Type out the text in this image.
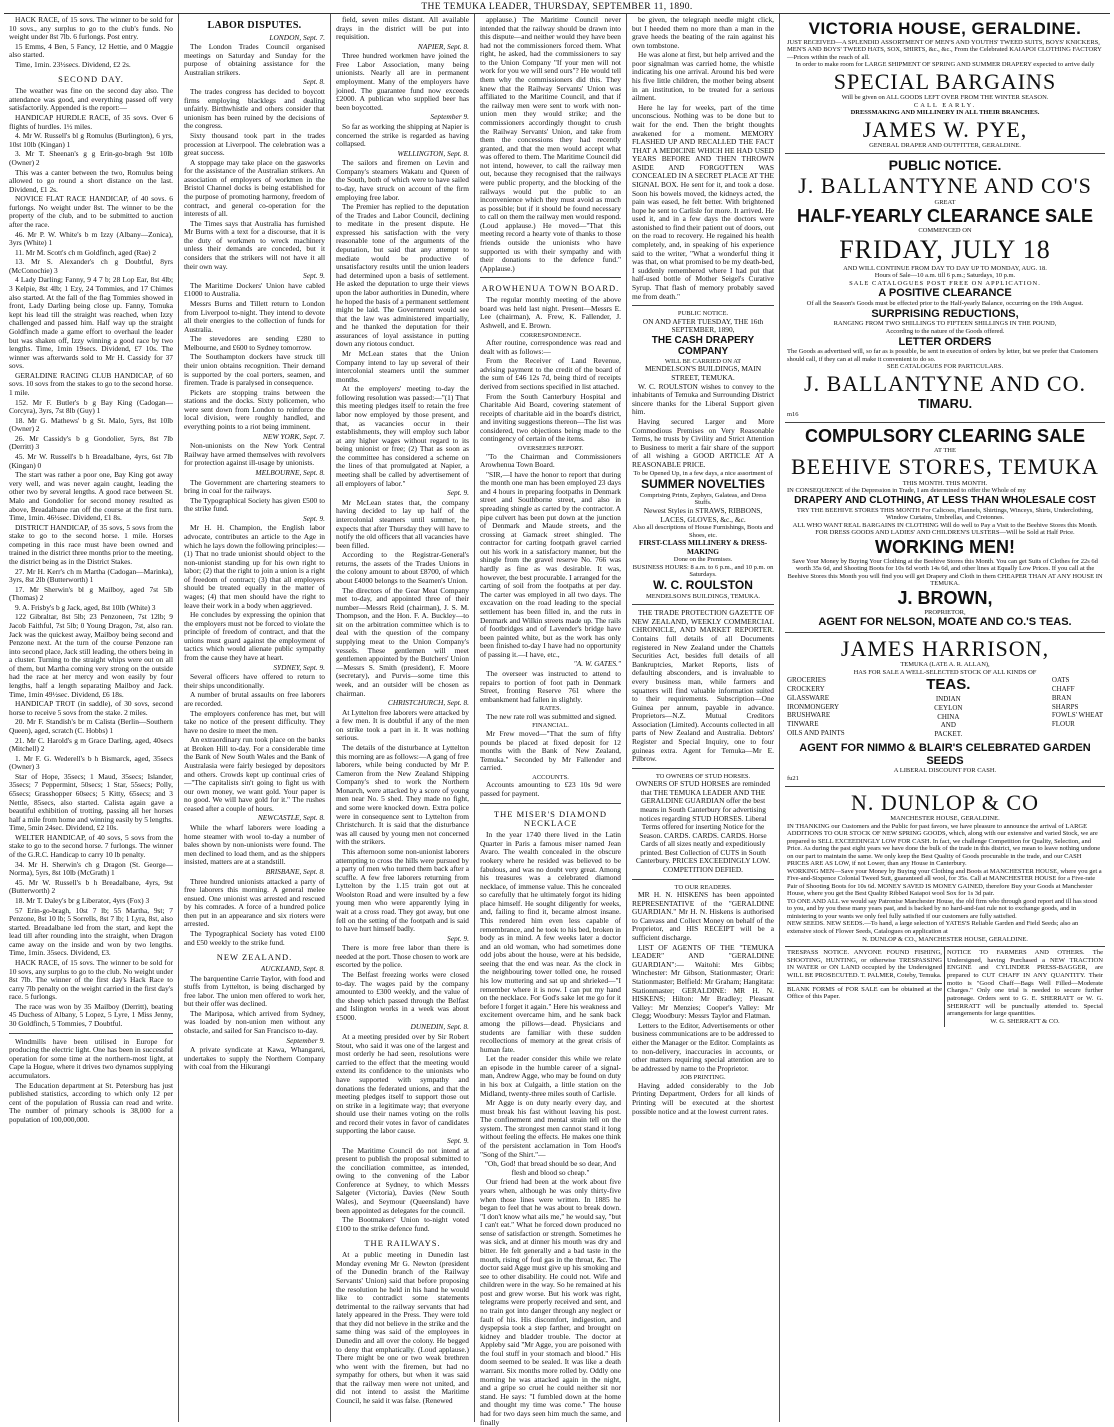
THE TEMUKA LEADER, THURSDAY, SEPTEMBER 11, 1890.

HACK RACE, of 15 sovs. The winner to be sold for 10 sovs., any surplus to go to the club's funds. No weight under 8st 7lb. 6 furlongs. Post entry.

15 Emms, 4 Ben, 5 Fancy, 12 Hettie, and 0 Maggie also started.

Time, 1min. 23½secs. Dividend, £2 2s.

SECOND DAY.

The weather was fine on the second day also. The attendance was good, and everything passed off very satisfactorily. Appended is the report:—

HANDICAP HURDLE RACE, of 35 sovs. Over 6 flights of hurdles. 1½ miles.

4. Mr W. Russell's bl g Romulus (Burlington), 6 yrs, 10st 10lb (Kingan) 1

3. Mr T. Sheenan's g g Erin-go-bragh 9st 10lb (Owner) 2

This was a canter between the two, Romulus being allowed to go round a short distance on the last. Dividend, £1 2s.

NOVICE FLAT RACE HANDICAP, of 40 sovs. 6 furlongs. No weight under 8st. The winner to be the property of the club, and to be submitted to auction after the race.

46. Mr P. W. White's b m Izzy (Albany—Zonica), 3yrs (White) 1

11. Mr M. Scott's ch m Goldfinch, aged (Rae) 2

13. Mr S. Alexander's ch g Doubtful, 8yrs (McConochie) 3

4 Lady Darling; Fanny, 9 4 7 b; 28 Lop Ear, 8st 4lb; 3 Kelpie, 8st 4lb; 1 Ezy, 24 Tommies, and 17 Chimes also started. At the fall of the flag Tommies showed in front, Lady Darling being close up. Fanny, Tomuka kept his lead till the straight was reached, when Izzy challenged and passed him. Half way up the straight Goldfinch made a game effort to overhaul the leader but was shaken off, Izzy winning a good race by two lengths. Time, 1min 19secs. Dividend, £7 10s. The winner was afterwards sold to Mr H. Cassidy for 37 sovs.

GERALDINE RACING CLUB HANDICAP, of 60 sovs. 10 sovs from the stakes to go to the second horse. 1 mile.

152. Mr F. Butler's b g Bay King (Cadogan—Corcyra), 3yrs, 7st 8lb (Guy) 1

18. Mr G. Mathews' b g St. Malo, 5yrs, 8st 10lb (Owner) 2

26. Mr Cassidy's b g Gondolier, 5yrs, 8st 7lb (Derritt) 3

45. Mr W. Russell's b h Breadalbane, 4yrs, 6st 7lb (Kingan) 0

The start was rather a poor one, Bay King got away very well, and was never again caught, leading the other two by several lengths. A good race between St. Malo and Gondolier for second money resulted as above, Breadalbane ran off the course at the first turn. Time, 1min. 46½sec. Dividend, £1 8s.

DISTRICT HANDICAP, of 35 sovs, 5 sovs from the stake to go to the second horse. 1 mile. Horses competing in this race must have been owned and trained in the district three months prior to the meeting, the district being as in the District Stakes.

27. Mr H. Kerr's ch m Martha (Cadogan—Marinka), 3yrs, 8st 2lb (Butterworth) 1

17. Mr Sherwin's bl g Mailboy, aged 7st 5lb (Thomas) 2

9. A. Frisby's b g Jack, aged, 8st 10lb (White) 3

122 Gibraltar, 8st 5lb; 23 Penzoneen, 7st 12lb; 9 Jacob Faithful, 7st 5lb; 0 Young Dragon, 7st, also ran. Jack was the quickest away, Mailboy being second and Penzone next. At the turn of the course Penzone ran into second place, Jack still leading, the others being in a cluster. Turning to the straight whips were out on all of them, but Martha coming very strong on the outside had the race at her mercy and won easily by four lengths, half a length separating Mailboy and Jack. Time, 1min 49½sec. Dividend, £6 18s.

HANDICAP TROT (in saddle), of 30 sovs, second horse to receive 5 sovs from the stake. 2 miles.

20. Mr F. Standish's br m Calista (Berlin—Southern Queen), aged, scratch (C. Hobbs) 1

21. Mr C. Harold's g m Grace Darling, aged, 40secs (Mitchell) 2

1. Mr F. G. Wederell's b h Bismarck, aged, 35secs (Owner) 3

Star of Hope, 35secs; 1 Maud, 35secs; Islander, 35secs; 7 Peppermint, 50secs; 1 Star, 55secs; Polly, 65secs; Grasshopper 60secs; 5 Kitty, 65secs; and 3 Nettle, 85secs, also started. Calista again gave a beautiful exhibition of trotting, passing all her horses half a mile from home and winning easily by 5 lengths. Time, 5min 24sec. Dividend, £2 10s.

WELTER HANDICAP, of 40 sovs, 5 sovs from the stake to go to the second horse. 7 furlongs. The winner of the G.R.C. Handicap to carry 10 lb penalty.

34. Mr H. Sherwin's ch g Dragon (St. George—Norma), 5yrs, 8st 10lb (McGrath) 1

45. Mr W. Russell's b h Breadalbane, 4yrs, 9st (Butterworth) 2

18. Mr T. Daley's br g Liberator, 4yrs (Fox) 3

57 Erin-go-bragh, 10st 7 lb; 55 Martha, 9st; 7 Penzone, 8st 10 lb; 5 Sorrells, 8st 7 lb; 1 Lyra, 8st, also started. Breadalbane led from the start, and kept the lead till after rounding into the straight, when Dragon came away on the inside and won by two lengths. Time, 1min. 35secs. Dividend, £3.

HACK RACE, of 15 sovs. The winner to be sold for 10 sovs, any surplus to go to the club. No weight under 8st 7lb. The winner of the first day's Hack Race to carry 7lb penalty on the weight carried in the first day's race. 5 furlongs.

The race was won by 35 Mailboy (Derritt), beating 45 Duchess of Albany, 5 Lopez, 5 Lyre, 1 Miss Jenny, 30 Goldfinch, 5 Tommies, 7 Doubtful.

Windmills have been utilised in Europe for producing the electric light. One has been in successful operation for some time at the northern-most light, at Cape la Hogue, where it drives two dynamos supplying accumulators.

The Education department at St. Petersburg has just published statistics, according to which only 12 per cent of the population of Russia can read and write. The number of primary schools is 38,000 for a population of 100,000,000.

LABOR DISPUTES.
LONDON, Sept. 7.

The London Trades Council organised meetings on Saturday and Sunday for the purpose of obtaining assistance for the Australian strikers.

Sept. 8.

The trades congress has decided to boycott firms employing blacklegs and dealing unfairly. Birthwhistle and others consider that unionism has been ruined by the decisions of the congress.

Sixty thousand took part in the trades procession at Liverpool. The celebration was a great success.

A stoppage may take place on the gasworks for the assistance of the Australian strikers. An association of employers of workmen in the Bristol Channel docks is being established for the purpose of promoting harmony, freedom of contract, and general co-operation for the interests of all.

The Times says that Australia has furnished Mr Burns with a text for a discourse, that it is the duty of workmen to wreck machinery unless their demands are conceded, but it considers that the strikers will not have it all their own way.

Sept. 9.

The Maritime Dockers' Union have cabled £1000 to Australia.

Messrs Burns and Tillett return to London from Liverpool to-night. They intend to devote all their energies to the collection of funds for Australia.

The stevedores are sending £280 to Melbourne, and £600 to Sydney tomorrow.

The Southampton dockers have struck till their union obtains recognition. Their demand is supported by the coal porters, seamen, and firemen. Trade is paralysed in consequence.

Pickets are stopping trains between the stations and the docks. Sixty policemen, who were sent down from London to reinforce the local division, were roughly handled, and everything points to a riot being imminent.

NEW YORK, Sept. 7.

Non-unionists on the New York Central Railway have armed themselves with revolvers for protection against ill-usage by unionists.

MELBOURNE, Sept. 8.

The Government are chartering steamers to bring in coal for the railways.

The Typographical Society has given £500 to the strike fund.

Sept. 9.

Mr H. H. Champion, the English labor advocate, contributes an article to the Age in which he lays down the following principles:—(1) That no trade unionist should object to the non-unionist standing up for his own right to labor; (2) that the right to join a union is a right of freedom of contract; (3) that all employers should be treated equally in the matter of wages; (4) that men should have the right to leave their work in a body when aggrieved.

He concludes by expressing the opinion that the employers must not be forced to violate the principle of freedom of contract, and that the unions must guard against the employment of tactics which would alienate public sympathy from the cause they have at heart.

SYDNEY, Sept. 9.

Several officers have offered to return to their ships unconditionally.

A number of brutal assaults on free laborers are recorded.

The employers conference has met, but will take no notice of the present difficulty. They have no desire to meet the men.

An extraordinary run took place on the banks at Broken Hill to-day. For a considerable time the Bank of New South Wales and the Bank of Australasia were fairly besieged by depositors and others. Crowds kept up continual cries of—"The capitalists sin't going to fight us with our own money, we want gold. Your paper is no good. We will have gold for it." The rushes ceased after a couple of hours.

NEWCASTLE, Sept. 8.

While the wharf laborers were loading a home steamer with wool to-day a number of bales shown by non-unionists were found. The men declined to load them, and as the shippers insisted, matters are at a standstill.

BRISBANE, Sept. 8.

Three hundred unionists attacked a party of free laborers this morning. A general melee ensued. One unionist was arrested and rescued by his comrades. A force of a hundred police then put in an appearance and six rioters were arrested.

The Typographical Society has voted £100 and £50 weekly to the strike fund.

NEW ZEALAND.
AUCKLAND, Sept. 8.

The barquentine Carrie Taylor, with food and stuffs from Lyttelton, is being discharged by free labor. The union men offered to work her, but their offer was declined.

The Mariposa, which arrived from Sydney, was loaded by non-union men without any obstacle, and sailed for San Francisco to-day.

September 9.

A private syndicate at Kawa, Whangarei, undertakes to supply the Northern Company with coal from the Hikurangi

field, seven miles distant. All available drays in the district will be put into requisition.

NAPIER, Sept. 8.

Three hundred workmen have joined the Free Labor Association, many being unionists. Nearly all are in permanent employment. Many of the employers have joined. The guarantee fund now exceeds £2000. A publican who supplied beer has been boycotted.

September 9.

So far as working the shipping at Napier is concerned the strike is regarded as having collapsed.

WELLINGTON, Sept. 8.

The sailors and firemen on Levin and Company's steamers Wakatu and Queen of the South, both of which were to have sailed to-day, have struck on account of the firm employing free labor.

The Premier has replied to the deputation of the Trades and Labor Council, declining to meditate in the present dispute. He expressed his satisfaction with the very reasonable tone of the arguments of the deputation, but said that any attempt to mediate would be productive of unsatisfactory results until the union leaders had determined upon a basis of settlement. He asked the deputation to urge their views upon the labor authorities in Dunedin, where he hoped the basis of a permanent settlement might be laid. The Government would see that the law was administered impartially, and he thanked the deputation for their assurances of loyal assistance in putting down any riotous conduct.

Mr McLean states that the Union Company intend to lay up several of their intercolonial steamers until the summer months.

At the employers' meeting to-day the following resolution was passed:—"(1) That this meeting pledges itself to retain the free labor now employed by those present, and that, as vacancies occur in their establishments, they will employ such labor at any higher wages without regard to its being unionist or free; (2) That as soon as the committee has considered a scheme on the lines of that promulgated at Napier, a meeting shall be called by advertisement of all employers of labor."

Sept. 9.

Mr McLean states that, the company having decided to lay up half of the intercolonial steamers until summer, he expects that after Thursday they will have to notify the old officers that all vacancies have been filled.

According to the Registrar-General's returns, the assets of the Trades Unions in the colony amount to about £8700, of which about £4000 belongs to the Seamen's Union.

The directors of the Gear Meat Company met to-day, and appointed three of their number—Messrs Reid (chairman), J. S. M. Thompson, and the Hon. F. A. Buckley—to sit on the arbitration committee which is to deal with the question of the company supplying meat to the Union Company's vessels. These gentlemen will meet gentlemen appointed by the Butchers' Union—Messrs S. Smith (president), F. Moore (secretary), and Purvis—some time this week, and an outsider will be chosen as chairman.

CHRISTCHURCH, Sept. 8.

At Lyttelton free laborers were attacked by a few men. It is doubtful if any of the men on strike took a part in it. It was nothing serious.

The details of the disturbance at Lyttelton this morning are as follows:—A gang of free laborers, while being conducted by Mr P. Cameron from the New Zealand Shipping Company's shed to work the Northern Monarch, were attacked by a score of young men near No. 5 shed. They made no fight, and some were knocked down. Extra police were in consequence sent to Lyttelton from Christchurch. It is said that the disturbance was all caused by young men not concerned with the strikers.

This afternoon some non-unionist laborers attempting to cross the hills were pursued by a party of men who turned them back after a scuffle. A few free laborers returning from Lyttelton by the 1.15 train got out at Woolston Road and were insulted by a few young men who were apparently lying in wait at a cross road. They got away, but one fell on the setting of the footpath and is said to have hurt himself badly.

Sept. 9.

There is more free labor than there is needed at the port. Those chosen to work are escorted by the police.

The Belfast freezing works were closed to-day. The wages paid by the company amounted to £300 weekly, and the value of the sheep which passed through the Belfast and Islington works in a week was about £5000.

DUNEDIN, Sept. 8.

At a meeting presided over by Sir Robert Stout, who said it was one of the largest and most orderly he had seen, resolutions were carried to the effect that the meeting would extend its confidence to the unionists who have supported with sympathy and donations the federated unions, and that the meeting pledges itself to support those out on strike in a legitimate way; that everyone should use their names voting on the rolls and record their votes in favor of candidates supporting the labor cause.

Sept. 9.

The Maritime Council do not intend at present to publish the proposal submitted to the conciliation committee, as intended, owing to the convening of the Labor Conference at Sydney, to which Messrs Salgeter (Victoria), Davies (New South Wales), and Seymour (Queensland) have been appointed as delegates for the council.

The Bootmakers' Union to-night voted £100 to the strike defence fund.

THE RAILWAYS.

At a public meeting in Dunedin last Monday evening Mr G. Newton (president of the Dunedin branch of the Railway Servants' Union) said that before proposing the resolution he held in his hand he would like to contradict some statements detrimental to the railway servants that had lately appeared in the Press. They were told that they did not believe in the strike and the same thing was said of the employees in Dunedin and all over the colony. He begged to deny that emphatically. (Loud applause.) There might be one or two weak brethren who went with the firemen, but had no sympathy for others, but when it was said that the railway men were not united, and did not intend to assist the Maritime Council, he said it was false. (Renewed

applause.) The Maritime Council never intended that the railway should be drawn into this dispute—and neither would they have been had not the commissioners forced them. What right, he asked, had the commissioners to say to the Union Company "If your men will not work for you we will send ours"? He would tell them why the commissioners did this. They knew that the Railway Servants' Union was affiliated to the Maritime Council, and that if the railway men were sent to work with non-union men they would strike; and the commissioners accordingly thought to crush the Railway Servants' Union, and take from them the concessions they had recently granted, and that the men would accept what was offered to them. The Maritime Council did not intend, however, to call the railway men out, because they recognised that the railways were public property, and the blocking of the railways would put the public to an inconvenience which they must avoid as much as possible; but if it should be found necessary to call on them the railway men would respond. (Loud applause.) He moved—"That this meeting record a hearty vote of thanks to those friends outside the unionists who have supported us with their sympathy and with their donations to the defence fund." (Applause.)

AROWHENUA TOWN BOARD.

The regular monthly meeting of the above board was held last night. Present—Messrs E. Lee (chairman), A. Frew, K. Fallender, J. Ashwell, and E. Brown.

CORRESPONDENCE.

After routine, correspondence was read and dealt with as follows:—

From the Receiver of Land Revenue, advising payment to the credit of the board of the sum of £46 12s 7d, being third of receipts derived from sections specified in list attached.

From the South Canterbury Hospital and Charitable Aid Board, covering statement of receipts of charitable aid in the board's district, and inviting suggestions thereon—The list was considered, two objections being made to the contingency of certain of the items.

OVERSEER'S REPORT.

"To the Chairman and Commissioners Arowhenua Town Board.

"SIR,—I have the honor to report that during the month one man has been employed 23 days and 4 hours in preparing footpaths in Denmark street and Southborne street, and also in spreading shingle as carted by the contractor. A pipe culvert has been put down at the junction of Denmark and Maude streets, and the crossing at Gamack street shingled. The contractor for carting footpath gravel carried out his work in a satisfactory manner, but the shingle from the gravel reserve No. 766 was hardly as fine as was desirable. It was, however, the best procurable. I arranged for the carting of soil from the footpaths at per day. The carter was employed in all two days. The excavation on the road leading to the special settlement has been filled in, and the ruts in Denmark and Wilkin streets made up. The rails of footbridges and of Lavender's bridge have been painted white, but as the work has only been finished to-day I have had no opportunity of passing it.—I have, etc.,

"A. W. GATES."

The overseer was instructed to attend to repairs to portion of foot path in Denmark Street, fronting Reserve 761 where the embankment had fallen in slightly.

RATES.

The new rate roll was submitted and signed.

FINANCIAL.

Mr Frew moved—"That the sum of fifty pounds be placed at fixed deposit for 12 months with the Bank of New Zealand, Temuka." Seconded by Mr Fallender and carried.

ACCOUNTS.

Accounts amounting to £23 10s 9d were passed for payment.

THE MISER'S DIAMOND NECKLACE

In the year 1740 there lived in the Latin Quarter in Paris a famous miser named Jean Avaro. The wealth concealed in the obscure rookery where he resided was believed to be fabulous, and was no doubt very great. Among his treasures was a celebrated diamond necklace, of immense value. This he concealed so carefully that he ultimately forgot its hiding place himself. He sought diligently for weeks, and, failing to find it, became almost insane. This rendered him even less capable of remembrance, and he took to his bed, broken in body as in mind. A few weeks later a doctor and an old woman, who had sometimes done odd jobs about the house, were at his bedside, seeing that the end was near. As the clock in the neighbouring tower tolled one, he roused his low muttering and sat up and shrieked—"I remember where it is now. I can put my hand on the necklace. For God's sake let me go for it before I forget it again." Here his weakness and excitement overcame him, and he sank back among the pillows—dead. Physicians and students are familiar with these sudden recollections of memory at the great crisis of human fate.

Let the reader consider this while we relate an episode in the humble career of a signal-man, Andrew Agge, who may be found on duty in his box at Culgaith, a little station on the Midland, twenty-three miles south of Carlisle.

Mr Agge is on duty nearly every day, and must break his fast without leaving his post. The confinement and mental strain tell on the system. The strongest men cannot stand it long without feeling the effects. He makes one think of the persistent acclamation in Tom Hood's "Song of the Shirt."—

"Oh, God! that bread should be so dear, And flesh and blood so cheap."

Our friend had been at the work about five years when, although he was only thirty-five when those lines were written. In 1885 he began to feel that he was about to break down. "I don't know what ails me," he would say, "but I can't eat." What he forced down produced no sense of satisfaction or strength. Sometimes he was sick, and at dinner his mouth was dry and bitter. He felt generally and a bad taste in the mouth, rising of foul gas in the throat, &c. The doctor said Agge must give up his smoking and see to other disability. He could not. Wife and children were in the way. So he remained at his post and grew worse. But his work was right, telegrams were properly received and sent, and no train got into danger through any neglect or fault of his. His discomfort, indigestion, and dyspepsia took a step farther, and brought on kidney and bladder trouble. The doctor at Appleby said "Mr Agge, you are poisoned with the foul stuff in your stomach and blood." His doom seemed to be sealed. It was like a death warrant. Six months more rolled by. Oddly one morning he was attacked again in the night, and a gripe so cruel he could neither sit nor stand. He says: "I fumbled down at the home and thought my time was come." The house had for two days seen him much the same, and finally

be given, the telegraph needle might click, but I heeded them no more than a man in the grave heeds the beating of the rain against his own tombstone.

He was alone at first, but help arrived and the poor signalman was carried home, the whistle indicating his one arrival. Around his bed were his five little children, the mother being absent in an institution, to be treated for a serious ailment.

Here he lay for weeks, part of the time unconscious. Nothing was to be done but to wait for the end. Then the bright thoughts awakened for a moment. MEMORY FLASHED UP AND RECALLED THE FACT THAT A MEDICINE WHICH HE HAD USED YEARS BEFORE AND THEN THROWN ASIDE AND FORGOTTEN WAS CONCEALED IN A SECRET PLACE AT THE SIGNAL BOX. He sent for it, and took a dose. Soon his bowels moved, the kidneys acted, the pain was eased, he felt better. With brightened hope he sent to Carlisle for more. It arrived. He used it, and in a few days the doctors were astonished to find their patient out of doors, out on the road to recovery. He regained his health completely, and, in speaking of his experience said to the writer, "What a wonderful thing it was that, on what promised to be my death-bed, I suddenly remembered where I had put that half-used bottle of Mother Seigel's Curative Syrup. That flash of memory probably saved me from death."

PUBLIC NOTICE.
ON AND AFTER TUESDAY, THE 16th SEPTEMBER, 1890,
THE CASH DRAPERY COMPANY
WILL BE CARRIED ON AT
MENDELSON'S BUILDINGS, MAIN STREET, TEMUKA.

W. C. ROULSTON wishes to convey to the inhabitants of Temuka and Surrounding District sincere thanks for the Liberal Support given him.

Having secured Larger and More Commodious Premises on Very Reasonable Terms, he trusts by Civility and Strict Attention to Business to merit a fair share of the support of all wishing a GOOD ARTICLE AT A REASONABLE PRICE.

To be Opened Up, in a few days, a nice assortment of
SUMMER NOVELTIES
Comprising Prints, Zephyrs, Galateas, and Dress Stuffs.
Newest Styles in STRAWS, RIBBONS, LACES, GLOVES, &c., &c.
Also all descriptions of House Furnishings, Boots and Shoes, etc.
FIRST-CLASS MILLINERY & DRESS-MAKING
Done on the Premises.
BUSINESS HOURS: 8 a.m. to 6 p.m., and 10 p.m. on Saturdays.
W. C. ROULSTON
MENDELSON'S BUILDINGS, TEMUKA.

THE TRADE PROTECTION GAZETTE OF NEW ZEALAND, WEEKLY COMMERCIAL CHRONICLE, AND MARKET REPORTER. Contains full details of all Documents registered in New Zealand under the Chattels Securities Act, besides full details of all Bankruptcies, Market Reports, lists of defaulting absconders, and is invaluable to every business man, while farmers and squatters will find valuable information suited to their requirements. Subscription—One Guinea per annum, payable in advance. Proprietors—N.Z. Mutual Creditors Association (Limited). Accounts collected in all parts of New Zealand and Australia. Debtors' Register and Special Inquiry, one to four guineas extra. Agent for Temuka—Mr E. Pilbrow.

TO OWNERS OF STUD HORSES.

OWNERS OF STUD HORSES are reminded that THE TEMUKA LEADER AND THE GERALDINE GUARDIAN offer the best means in South Canterbury for advertising notices regarding STUD HORSES. Liberal Terms offered for inserting Notice for the Season. CARDS. CARDS. CARDS. Horse Cards of all sizes neatly and expeditiously printed. Best Collection of CUTS in South Canterbury. PRICES EXCEEDINGLY LOW. COMPETITION DEFIED.

TO OUR READERS.

MR H. N. HISKENS has been appointed REPRESENTATIVE of the "GERALDINE GUARDIAN." Mr H. N. Hiskens is authorised to Canvass and Collect Money on behalf of the Proprietor, and HIS RECEIPT will be a sufficient discharge.

LIST OF AGENTS OF THE "TEMUKA LEADER" AND "GERALDINE GUARDIAN":— Waitohi: Mrs Gibbs; Winchester: Mr Gibson, Stationmaster; Orari: Stationmaster; Belfield: Mr Graham; Hangitata: Stationmaster; GERALDINE: MR H. N. HISKENS; Hilton: Mr Bradley; Pleasant Valley: Mr Menzies; Cooper's Valley: Mr Clegg; Woodbury: Messrs Taylor and Flatman.

Letters to the Editor, Advertisements or other business communications are to be addressed to either the Manager or the Editor. Complaints as to non-delivery, inaccuracies in accounts, or other matters requiring special attention are to be addressed by name to the Proprietor.

JOB PRINTING.

Having added considerably to the Job Printing Department, Orders for all kinds of Printing will be executed at the shortest possible notice and at the lowest current rates.

VICTORIA HOUSE, GERALDINE.
JUST RECEIVED—A SPLENDID ASSORTMENT OF MEN'S AND YOUTHS' TWEED SUITS, BOYS' KNICKERS, MEN'S AND BOYS' TWEED HATS, SOX, SHIRTS, &c., &c., From the Celebrated KAIAPOI CLOTHING FACTORY—Prices within the reach of all.
In order to make room for LARGE SHIPMENT OF SPRING AND SUMMER DRAPERY expected to arrive daily
SPECIAL BARGAINS
Will be given on ALL GOODS LEFT OVER FROM THE WINTER SEASON.
CALL EARLY.
DRESSMAKING AND MILLINERY IN ALL THEIR BRANCHES.
JAMES W. PYE,
GENERAL DRAPER AND OUTFITTER, GERALDINE.
PUBLIC NOTICE.
J. BALLANTYNE AND CO'S
GREAT
HALF-YEARLY CLEARANCE SALE
COMMENCED ON
FRIDAY, JULY 18
AND WILL CONTINUE FROM DAY TO DAY UP TO MONDAY, AUG. 18.
Hours of Sale—10 a.m. till 6 p.m.; Saturdays, 10 p.m.
SALE CATALOGUES POST FREE ON APPLICATION.
A POSITIVE CLEARANCE
Of all the Season's Goods must be effected prior to the Half-yearly Balance, occurring on the 19th August.
SURPRISING REDUCTIONS,
RANGING FROM TWO SHILLINGS TO FIFTEEN SHILLINGS IN THE POUND,
According to the nature of the Goods offered.
LETTER ORDERS
The Goods as advertised will, so far as is possible, be sent in execution of orders by letter, but we prefer that Customers should call, if they can at all make it convenient to do so.
SEE CATALOGUES FOR PARTICULARS.
J. BALLANTYNE AND CO.
TIMARU.
m16
COMPULSORY CLEARING SALE
AT THE
BEEHIVE STORES, TEMUKA
THIS MONTH. THIS MONTH.
IN CONSEQUENCE of the Depression in Trade, I am determined to offer the Whole of my
DRAPERY AND CLOTHING, AT LESS THAN WHOLESALE COST
TRY THE BEEHIVE STORES THIS MONTH For Calicoes, Flannels, Shirtings, Winceys, Shirts, Underclothing, Window Curtains, Umbrellas, and Cretonnes.
ALL WHO WANT REAL BARGAINS IN CLOTHING Will do well to Pay a Visit to the Beehive Stores this Month.
FOR DRESS GOODS AND LADIES' AND CHILDREN'S ULSTERS—Will be Sold at Half Price.
WORKING MEN!
Save Your Money by Buying Your Clothing at the Beehive Stores this Month. You can get Suits of Clothes for 22s 6d worth 35s 6d, and Shooting Boots for 10s 6d worth 14s 6d, and other lines at Equally Low Prices. If you call at the Beehive Stores this Month you will find you will get Drapery and Cloth in them CHEAPER THAN AT ANY HOUSE IN TEMUKA.
J. BROWN,
PROPRIETOR,
AGENT FOR NELSON, MOATE AND CO.'S TEAS.
JAMES HARRISON,
TEMUKA (LATE A. R. ALLAN),
HAS FOR SALE A WELL-SELECTED STOCK OF ALL KINDS OF
GROCERIES
CROCKERY
GLASSWARE
IRONMONGERY
BRUSHWARE
TINWARE
OILS AND PAINTS
TEAS.
INDIAN
CEYLON
CHINA
AND
PACKET.
OATS
CHAFF
BRAN
SHARPS
FOWLS' WHEAT
FLOUR
AGENT FOR NIMMO & BLAIR'S CELEBRATED GARDEN SEEDS
A LIBERAL DISCOUNT FOR CASH.
fu21
N. DUNLOP & CO
MANCHESTER HOUSE, GERALDINE.
IN THANKING our Customers and the Public for past favors, we have pleasure to announce the arrival of LARGE ADDITIONS TO OUR STOCK OF NEW SPRING GOODS, which, along with our extensive and varied Stock, we are prepared to SELL EXCEEDINGLY LOW FOR CASH. In fact, we challenge Competition for Quality, Selection, and Price. As during the past eight years we have done the bulk of the trade in this district, we mean to leave nothing undone on our part to maintain the same. We only keep the Best Quality of Goods procurable in the trade, and our CASH PRICES ARE AS LOW, if not Lower, than any House in Canterbury.
WORKING MEN—Save your Money by Buying your Clothing and Boots at MANCHESTER HOUSE, where you get a Five-and-Sixpence Colonial Tweed Suit, guaranteed all wool, for 35s. Call at MANCHESTER HOUSE for a Five-rate Pair of Shooting Boots for 10s 6d. MONEY SAVED IS MONEY GAINED, therefore Buy your Goods at Manchester House, where you get the Best Quality Ribbed Kaiapoi wool Sox for 1s 3d pair.
TO ONE AND ALL we would say Patronise Manchester House, the old firm who through good report and ill has stood to you, and by you these many years past, and is backed by no hard-and-fast rule not to exchange goods, and in ministering to your wants we only feel fully satisfied if our customers are fully satisfied.
NEW SEEDS. NEW SEEDS.—To hand, a large selection of YATES'S Reliable Garden and Field Seeds; also an extensive stock of Flower Seeds, Catalogues on application at
N. DUNLOP & CO., MANCHESTER HOUSE, GERALDINE.
TRESPASS NOTICE. ANYONE FOUND FISHING, SHOOTING, HUNTING, or otherwise TRESPASSING IN WATER or ON LAND occupied by the Undersigned WILL BE PROSECUTED. T. PALMER, Coteby, Temuka.
BLANK FORMS of FOR SALE can be obtained at the Office of this Paper.
NOTICE TO FARMERS AND OTHERS. The Undersigned, having Purchased a NEW TRACTION ENGINE and CYLINDER PRESS-BAGGER, are prepared to CUT CHAFF IN ANY QUANTITY. Their motto is "Good Chaff—Bags Well Filled—Moderate Charges." Only one trial is needed to secure further patronage. Orders sent to G. E. SHERRATT or W. G. SHERRATT will be punctually attended to. Special arrangements for large quantities.
W. G. SHERRATT & CO.
